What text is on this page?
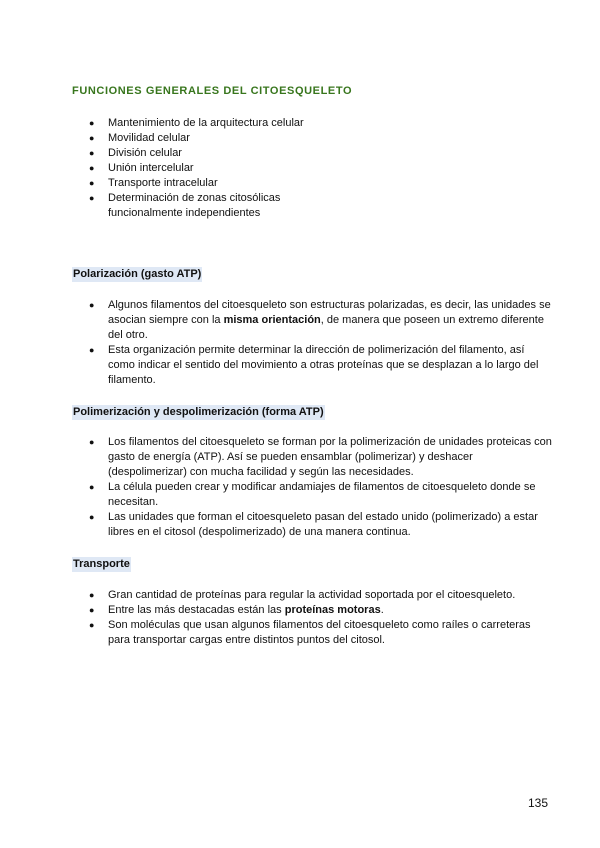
FUNCIONES GENERALES DEL CITOESQUELETO
● Mantenimiento de la arquitectura celular
● Movilidad celular
● División celular
● Unión intercelular
● Transporte intracelular
● Determinación de zonas citosólicas funcionalmente independientes
Polarización (gasto ATP)
● Algunos filamentos del citoesqueleto son estructuras polarizadas, es decir, las unidades se asocian siempre con la misma orientación, de manera que poseen un extremo diferente del otro.
● Esta organización permite determinar la dirección de polimerización del filamento, así como indicar el sentido del movimiento a otras proteínas que se desplazan a lo largo del filamento.
Polimerización y despolimerización (forma ATP)
● Los filamentos del citoesqueleto se forman por la polimerización de unidades proteicas con gasto de energía (ATP). Así se pueden ensamblar (polimerizar) y deshacer (despolimerizar) con mucha facilidad y según las necesidades.
● La célula pueden crear y modificar andamiajes de filamentos de citoesqueleto donde se necesitan.
● Las unidades que forman el citoesqueleto pasan del estado unido (polimerizado) a estar libres en el citosol (despolimerizado) de una manera continua.
Transporte
● Gran cantidad de proteínas para regular la actividad soportada por el citoesqueleto.
● Entre las más destacadas están las proteínas motoras.
● Son moléculas que usan algunos filamentos del citoesqueleto como raíles o carreteras para transportar cargas entre distintos puntos del citosol.
135
